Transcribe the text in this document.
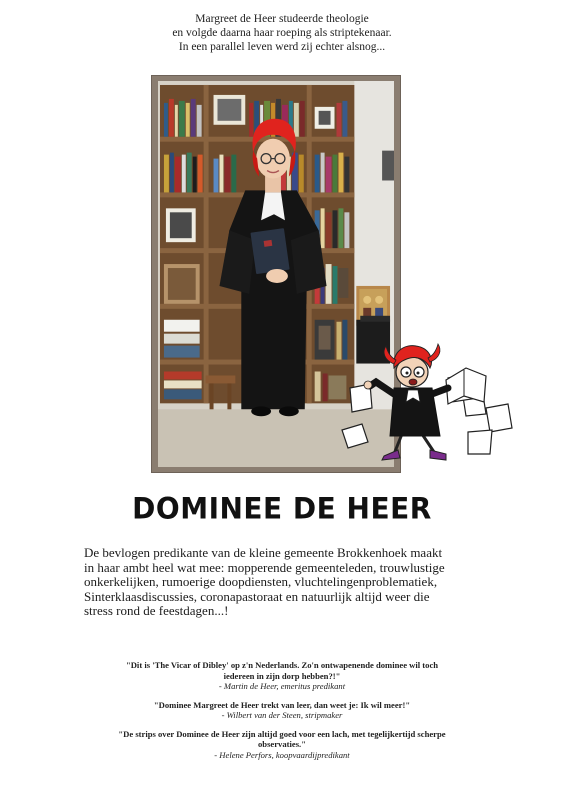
Margreet de Heer studeerde theologie
en volgde daarna haar roeping als striptekenaar.
In een parallel leven werd zij echter alsnog...
DOMINEE DE HEER
De bevlogen predikante van de kleine gemeente Brokkenhoek maakt
in haar ambt heel wat mee: mopperende gemeenteleden, trouwlustige
onkerkelijken, rumoerige doopdiensten, vluchtelingenproblematiek,
Sinterklaasdiscussies, coronapastoraat en natuurlijk altijd weer die
stress rond de feestdagen...!
"Dit is 'The Vicar of Dibley' op z'n Nederlands. Zo'n ontwapenende dominee wil toch
iedereen in zijn dorp hebben?!"
- Martin de Heer, emeritus predikant
"Dominee Margreet de Heer trekt van leer, dan weet je: Ik wil meer!"
- Wilbert van der Steen, stripmaker
"De strips over Dominee de Heer zijn altijd goed voor een lach, met tegelijkertijd scherpe
observaties."
- Helene Perfors, koopvaardijpredikant
